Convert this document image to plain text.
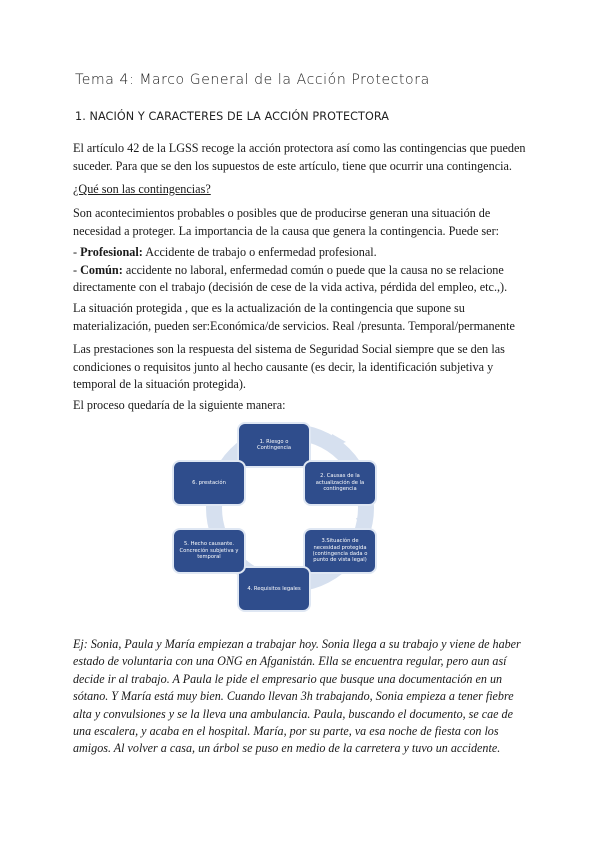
Tema 4: Marco General de la Acción Protectora
1. NACIÓN Y CARACTERES DE LA ACCIÓN PROTECTORA
El artículo 42 de la LGSS recoge la acción protectora así como las contingencias que pueden
suceder. Para que se den los supuestos de este artículo, tiene que ocurrir una contingencia.
¿Qué son las contingencias?
Son acontecimientos probables o posibles que de producirse generan una situación de
necesidad a proteger. La importancia de la causa que genera la contingencia. Puede ser:
- Profesional: Accidente de trabajo o enfermedad profesional.
- Común: accidente no laboral, enfermedad común o puede que la causa no se relacione
directamente con el trabajo (decisión de cese de la vida activa, pérdida del empleo, etc.,).
La situación protegida , que es la actualización de la contingencia que supone su
materialización, pueden ser:Económica/de servicios. Real /presunta. Temporal/permanente
Las prestaciones son la respuesta del sistema de Seguridad Social siempre que se den las
condiciones o requisitos junto al hecho causante (es decir, la identificación subjetiva y
temporal de la situación protegida).
El proceso quedaría de la siguiente manera:
1. Riesgo o Contingencia
2. Causas de la actualización de la contingencia
3.Situación de necesidad protegida (contingencia dada o punto de vista legal)
4. Requisitos legales
5. Hecho causante. Concreción subjetiva y temporal
6. prestación
Ej: Sonia, Paula y María empiezan a trabajar hoy. Sonia llega a su trabajo y viene de haber
estado de voluntaria con una ONG en Afganistán. Ella se encuentra regular, pero aun así
decide ir al trabajo. A Paula le pide el empresario que busque una documentación en un
sótano. Y María está muy bien. Cuando llevan 3h trabajando, Sonia empieza a tener fiebre
alta y convulsiones y se la lleva una ambulancia. Paula, buscando el documento, se cae de
una escalera, y acaba en el hospital. María, por su parte, va esa noche de fiesta con los
amigos. Al volver a casa, un árbol se puso en medio de la carretera y tuvo un accidente.
